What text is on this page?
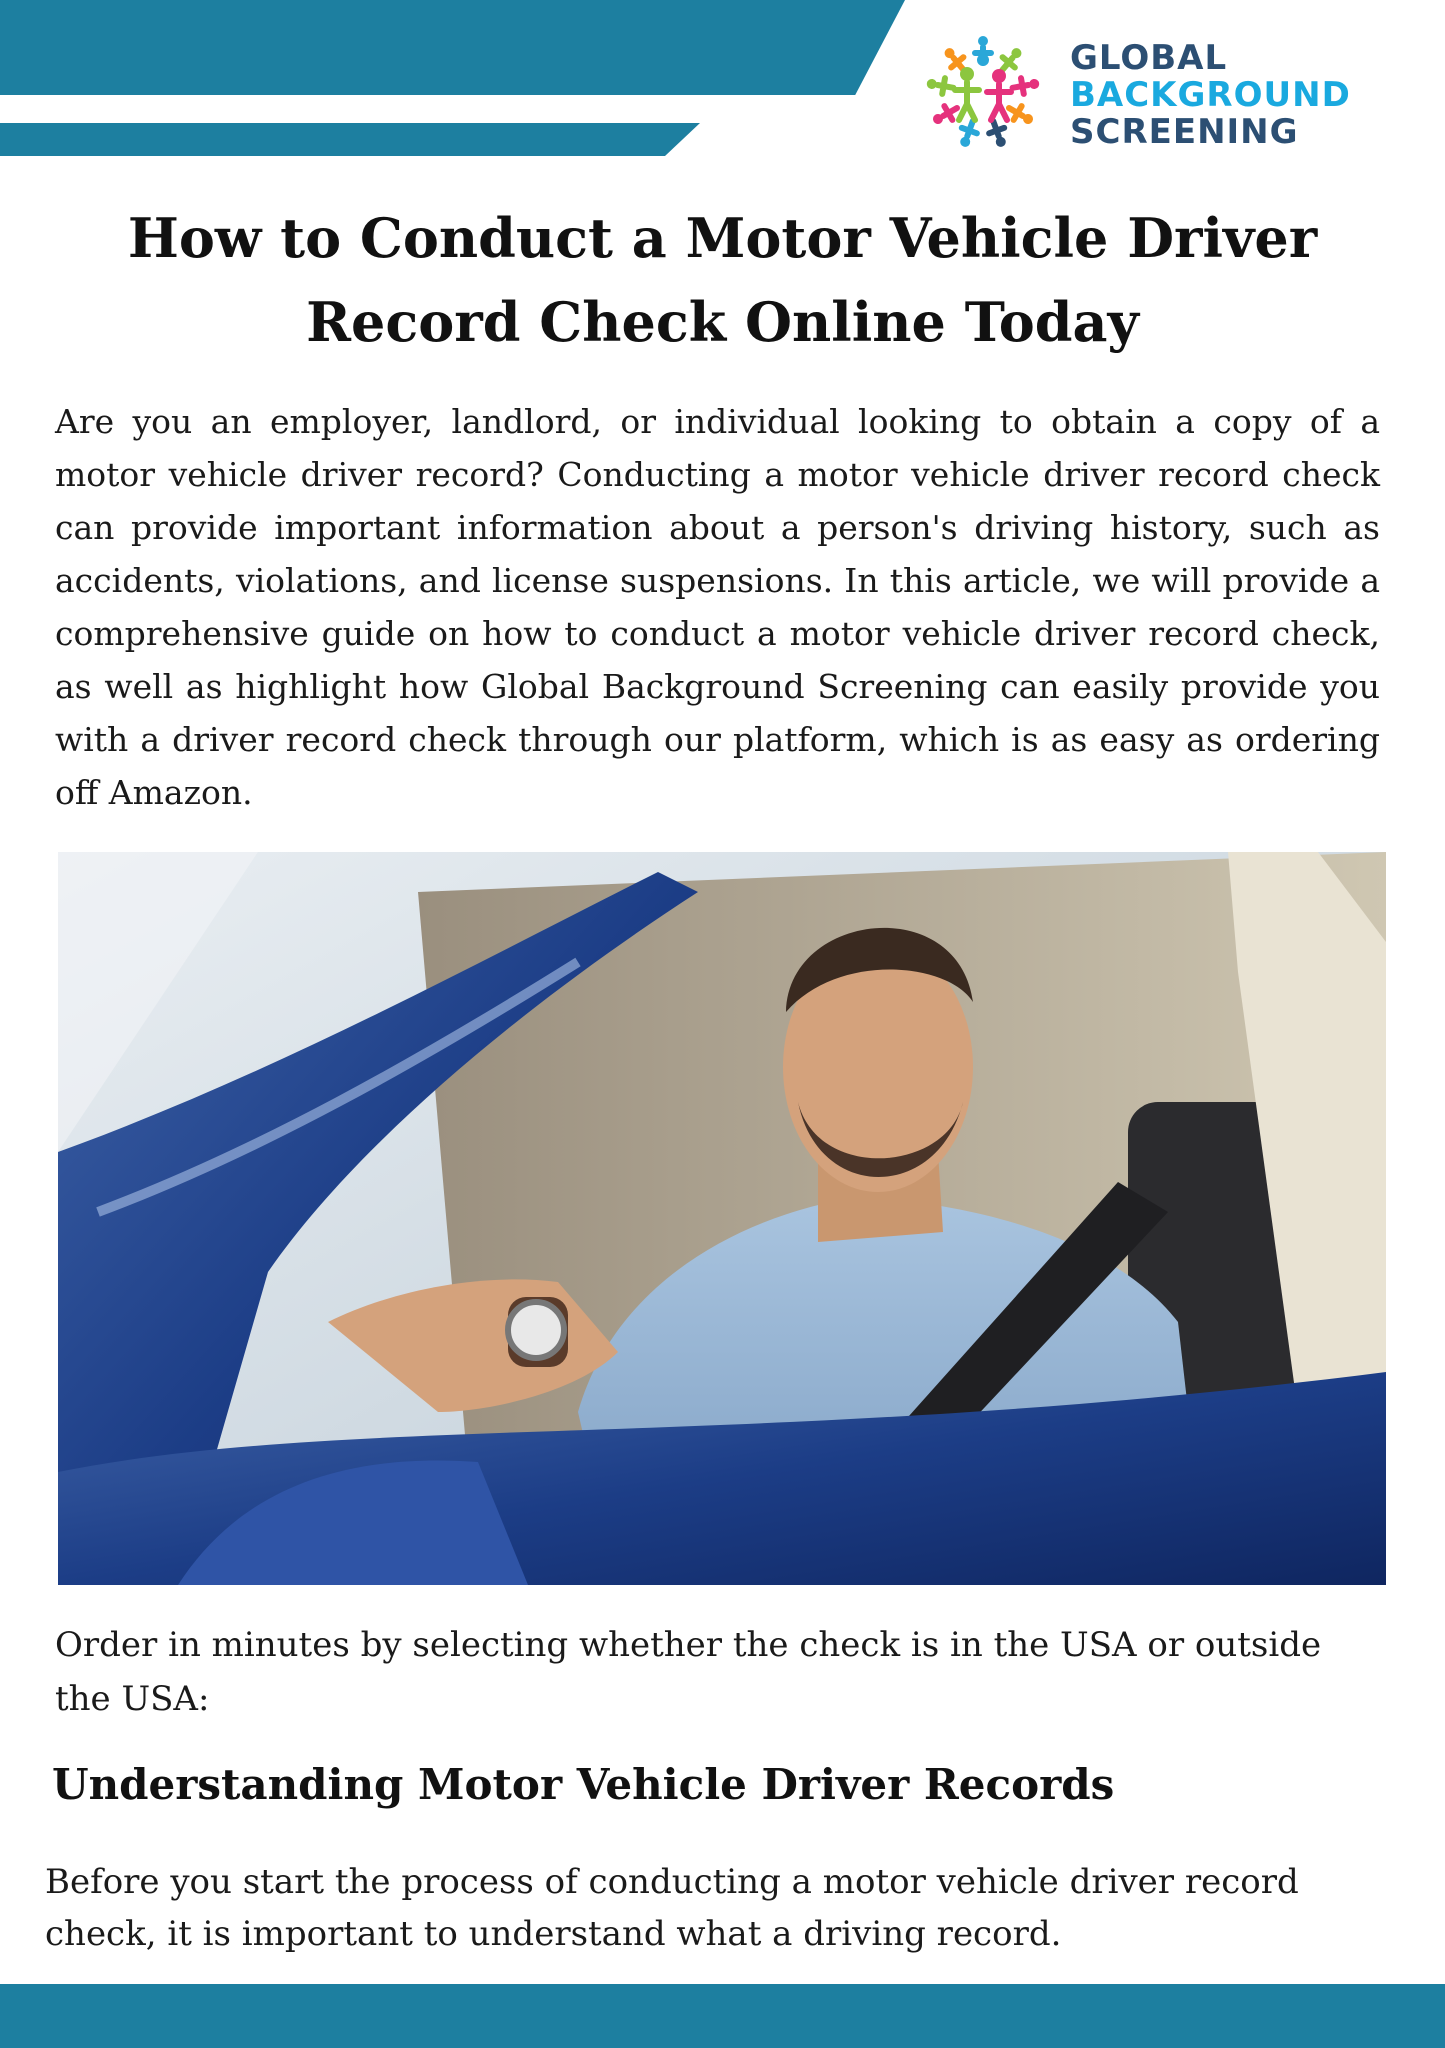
GLOBAL
BACKGROUND
SCREENING
How to Conduct a Motor Vehicle Driver
Record Check Online Today

Are you an employer, landlord, or individual looking to obtain a copy of a motor vehicle driver record? Conducting a motor vehicle driver record check can provide important information about a person's driving history, such as accidents, violations, and license suspensions. In this article, we will provide a comprehensive guide on how to conduct a motor vehicle driver record check, as well as highlight how Global Background Screening can easily provide you with a driver record check through our platform, which is as easy as ordering off Amazon.

Order in minutes by selecting whether the check is in the USA or outside the USA:

Understanding Motor Vehicle Driver Records

Before you start the process of conducting a motor vehicle driver record check, it is important to understand what a driving record.
